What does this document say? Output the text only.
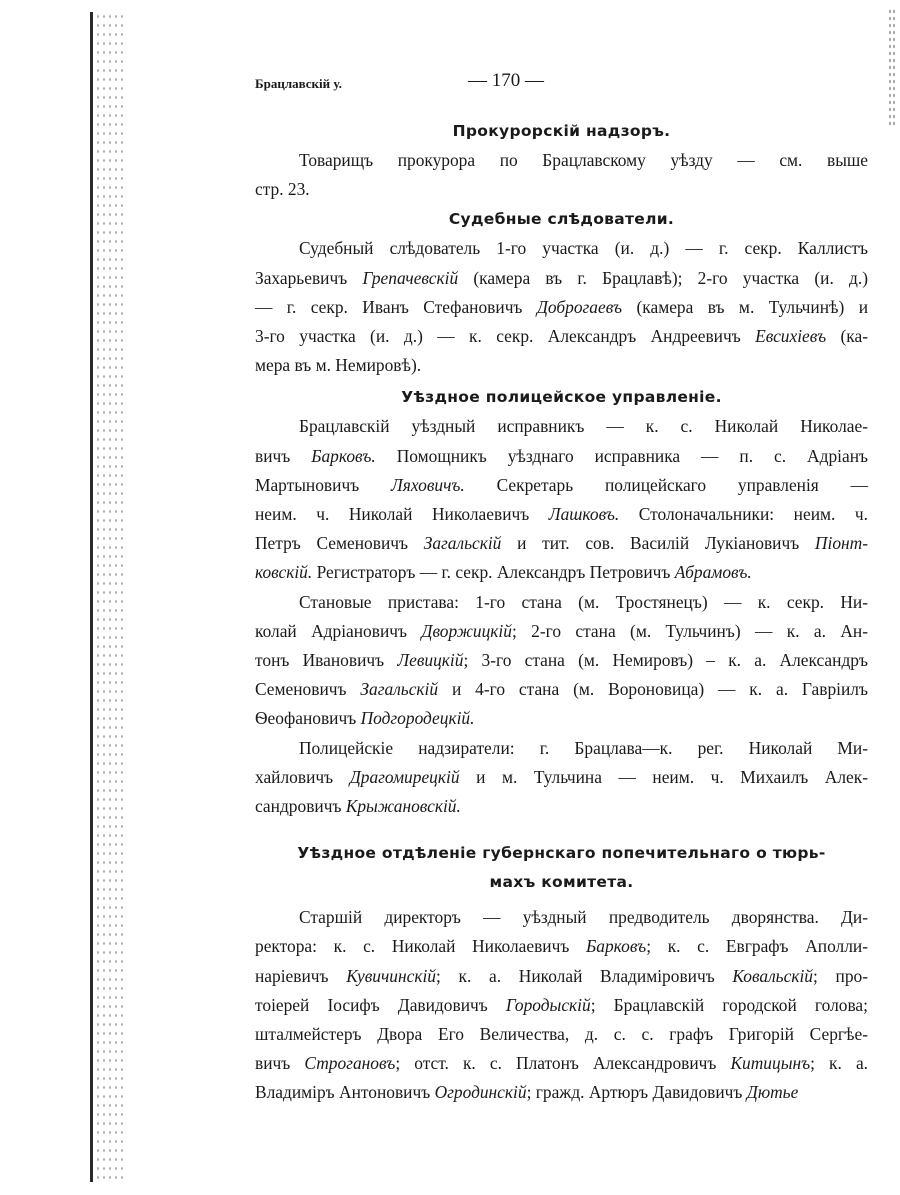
Брацлавскій у.	— 170 —
Прокурорскій надзоръ.
Товарищъ прокурора по Брацлавскому уѣзду — см. выше
стр. 23.
Судебные слѣдователи.
Судебный слѣдователь 1-го участка (и. д.) — г. секр. Каллистъ
Захарьевичъ Грепачевскій (камера въ г. Брацлавѣ); 2-го участка (и. д.)
— г. секр. Иванъ Стефановичъ Доброгаевъ (камера въ м. Тульчинѣ) и
3-го участка (и. д.) — к. секр. Александръ Андреевичъ Евсихіевъ (ка-
мера въ м. Немировѣ).
Уѣздное полицейское управленіе.
Брацлавскій уѣздный исправникъ — к. с. Николай Николае-
вичъ Барковъ. Помощникъ уѣзднаго исправника — п. с. Адріанъ
Мартыновичъ Ляховичъ. Секретарь полицейскаго управленія —
неим. ч. Николай Николаевичъ Лашковъ. Столоначальники: неим. ч.
Петръ Семеновичъ Загальскій и тит. сов. Василій Лукіановичъ Піонт-
ковскій. Регистраторъ — г. секр. Александръ Петровичъ Абрамовъ.
Становые пристава: 1-го стана (м. Тростянецъ) — к. секр. Ни-
колай Адріановичъ Дворжицкій; 2-го стана (м. Тульчинъ) — к. а. Ан-
тонъ Ивановичъ Левицкій; 3-го стана (м. Немировъ) – к. а. Александръ
Семеновичъ Загальскій и 4-го стана (м. Вороновица) — к. а. Гавріилъ
Ѳеофановичъ Подгородецкій.
Полицейскіе надзиратели: г. Брацлава—к. рег. Николай Ми-
хайловичъ Драгомирецкій и м. Тульчина — неим. ч. Михаилъ Алек-
сандровичъ Крыжановскій.
Уѣздное отдѣленіе губернскаго попечительнаго о тюрь-
махъ комитета.
Старшій директоръ — уѣздный предводитель дворянства. Ди-
ректора: к. с. Николай Николаевичъ Барковъ; к. с. Евграфъ Аполли-
наріевичъ Кувичинскій; к. а. Николай Владиміровичъ Ковальскій; про-
тоіерей Іосифъ Давидовичъ Городыскій; Брацлавскій городской голова;
шталмейстеръ Двора Его Величества, д. с. с. графъ Григорій Сергѣе-
вичъ Строгановъ; отст. к. с. Платонъ Александровичъ Китицынъ; к. а.
Владиміръ Антоновичъ Огродинскій; гражд. Артюръ Давидовичъ Дютье
